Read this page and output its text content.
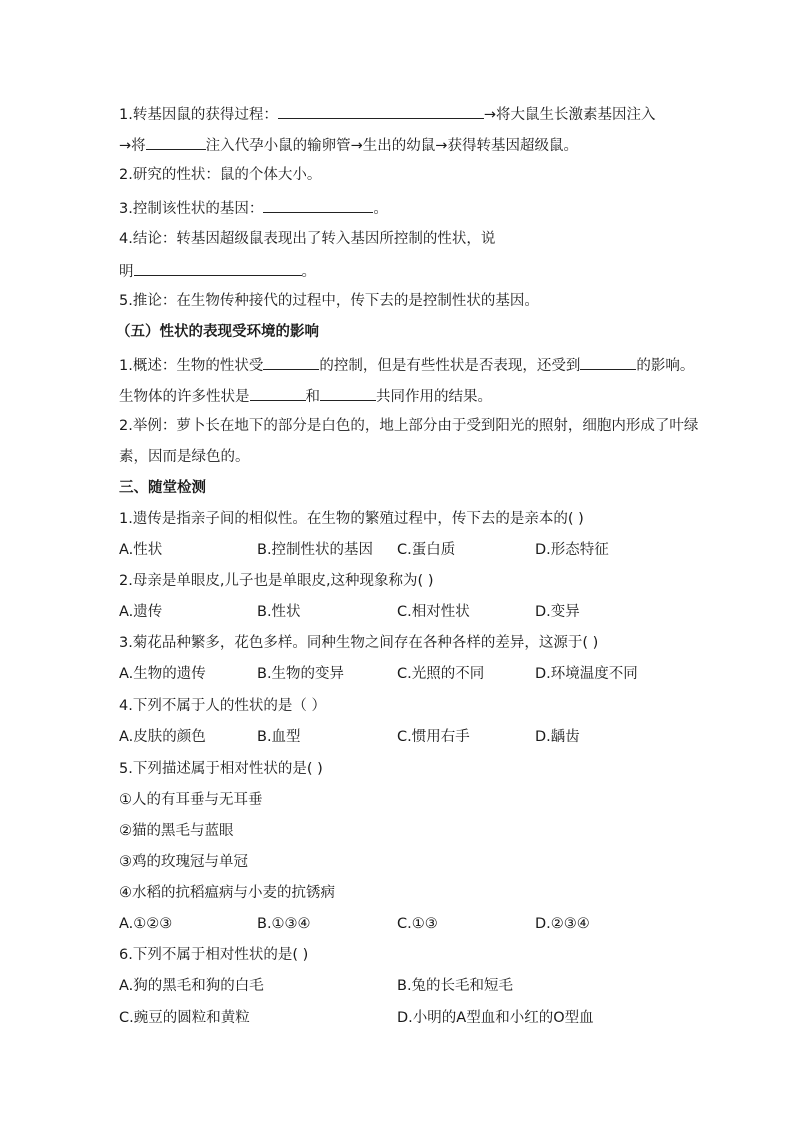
1.转基因鼠的获得过程：	→将大鼠生长激素基因注入
→将	注入代孕小鼠的输卵管→生出的幼鼠→获得转基因超级鼠。
2.研究的性状：鼠的个体大小。
3.控制该性状的基因：	。
4.结论：转基因超级鼠表现出了转入基因所控制的性状，说
明	。
5.推论：在生物传种接代的过程中，传下去的是控制性状的基因。
（五）性状的表现受环境的影响
1.概述：生物的性状受	的控制，但是有些性状是否表现，还受到	的影响。
生物体的许多性状是	和	共同作用的结果。
2.举例：萝卜长在地下的部分是白色的，地上部分由于受到阳光的照射，细胞内形成了叶绿
素，因而是绿色的。
三、随堂检测
1.遗传是指亲子间的相似性。在生物的繁殖过程中，传下去的是亲本的( )
A.性状	B.控制性状的基因 C.蛋白质	D.形态特征
2.母亲是单眼皮,儿子也是单眼皮,这种现象称为( )
A.遗传	B.性状	C.相对性状	D.变异
3.菊花品种繁多，花色多样。同种生物之间存在各种各样的差异，这源于( )
A.生物的遗传	B.生物的变异	C.光照的不同	D.环境温度不同
4.下列不属于人的性状的是（ ）
A.皮肤的颜色	B.血型	C.惯用右手	D.龋齿
5.下列描述属于相对性状的是( )
①人的有耳垂与无耳垂
②猫的黑毛与蓝眼
③鸡的玫瑰冠与单冠
④水稻的抗稻瘟病与小麦的抗锈病
A.①②③	B.①③④	C.①③	D.②③④
6.下列不属于相对性状的是( )
A.狗的黑毛和狗的白毛	B.兔的长毛和短毛
C.豌豆的圆粒和黄粒	D.小明的A型血和小红的O型血
